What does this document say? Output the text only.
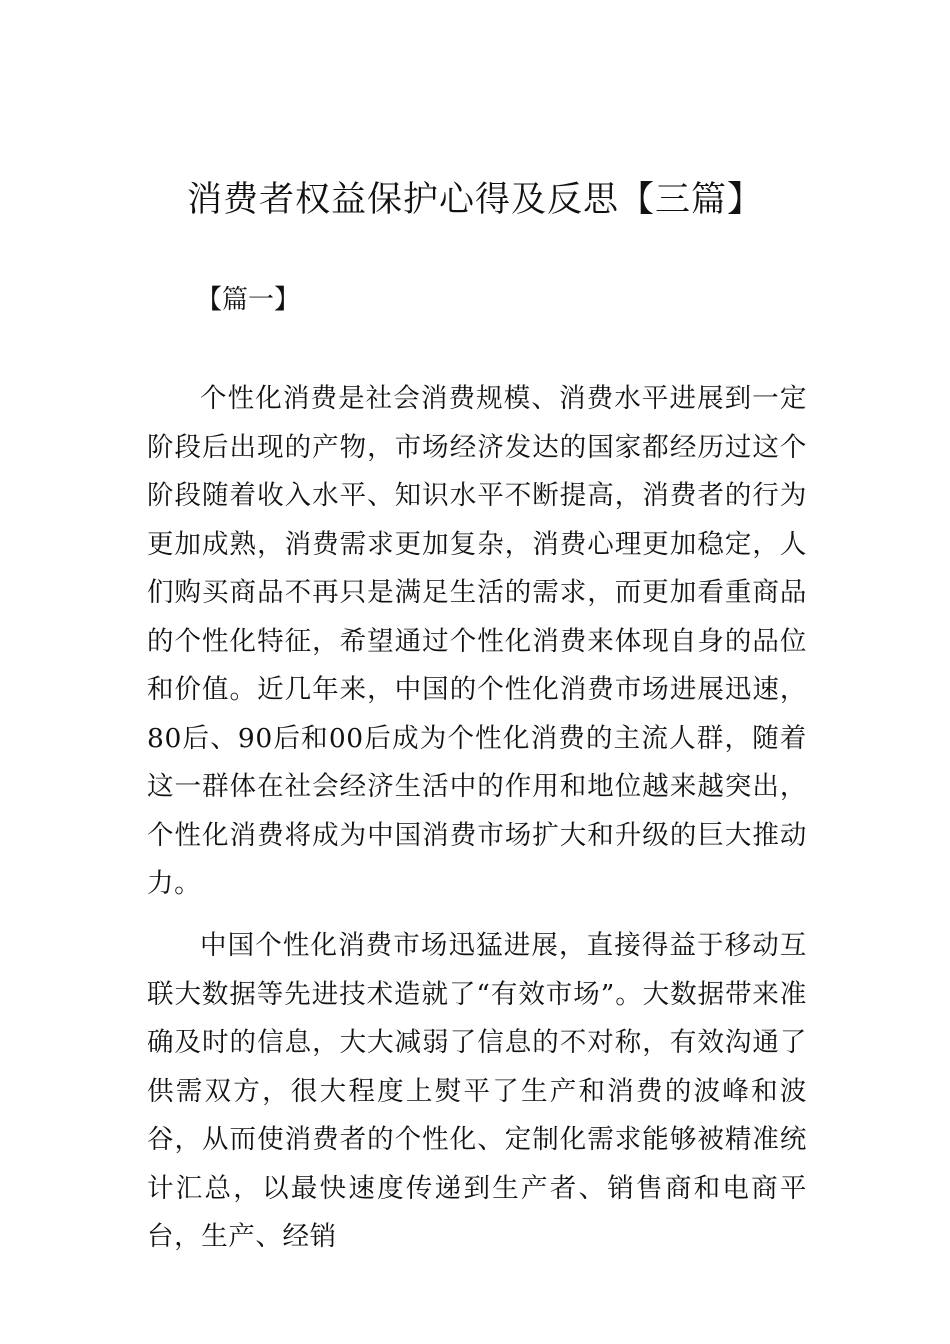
消费者权益保护心得及反思【三篇】

【篇一】

个性化消费是社会消费规模、消费水平进展到一定阶段后出现的产物，市场经济发达的国家都经历过这个阶段随着收入水平、知识水平不断提高，消费者的行为更加成熟，消费需求更加复杂，消费心理更加稳定，人们购买商品不再只是满足生活的需求，而更加看重商品的个性化特征，希望通过个性化消费来体现自身的品位和价值。近几年来，中国的个性化消费市场进展迅速，80后、90后和00后成为个性化消费的主流人群，随着这一群体在社会经济生活中的作用和地位越来越突出，个性化消费将成为中国消费市场扩大和升级的巨大推动力。

中国个性化消费市场迅猛进展，直接得益于移动互联大数据等先进技术造就了“有效市场”。大数据带来准确及时的信息，大大减弱了信息的不对称，有效沟通了供需双方，很大程度上熨平了生产和消费的波峰和波谷，从而使消费者的个性化、定制化需求能够被精准统计汇总，以最快速度传递到生产者、销售商和电商平台，生产、经销
